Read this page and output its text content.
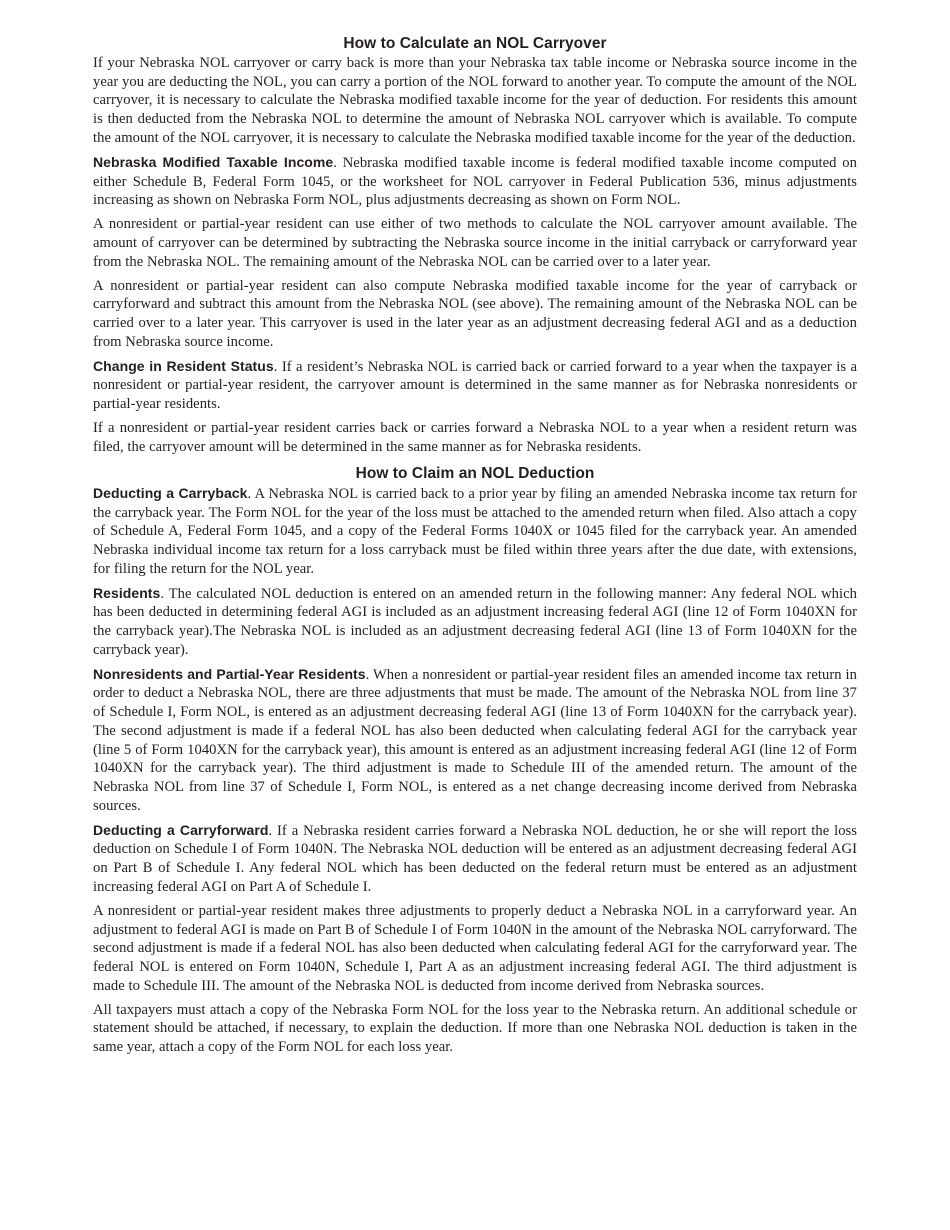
How to Calculate an NOL Carryover

If your Nebraska NOL carryover or carry back is more than your Nebraska tax table income or Nebraska source income in the year you are deducting the NOL, you can carry a portion of the NOL forward to another year. To compute the amount of the NOL carryover, it is necessary to calculate the Nebraska modified taxable income for the year of deduction. For residents this amount is then deducted from the Nebraska NOL to determine the amount of Nebraska NOL carryover which is available. To compute the amount of the NOL carryover, it is necessary to calculate the Nebraska modified taxable income for the year of the deduction.

Nebraska Modified Taxable Income. Nebraska modified taxable income is federal modified taxable income computed on either Schedule B, Federal Form 1045, or the worksheet for NOL carryover in Federal Publication 536, minus adjustments increasing as shown on Nebraska Form NOL, plus adjustments decreasing as shown on Form NOL.

A nonresident or partial-year resident can use either of two methods to calculate the NOL carryover amount available. The amount of carryover can be determined by subtracting the Nebraska source income in the initial carryback or carryforward year from the Nebraska NOL. The remaining amount of the Nebraska NOL can be carried over to a later year.

A nonresident or partial-year resident can also compute Nebraska modified taxable income for the year of carryback or carryforward and subtract this amount from the Nebraska NOL (see above). The remaining amount of the Nebraska NOL can be carried over to a later year. This carryover is used in the later year as an adjustment decreasing federal AGI and as a deduction from Nebraska source income.

Change in Resident Status. If a resident’s Nebraska NOL is carried back or carried forward to a year when the taxpayer is a nonresident or partial-year resident, the carryover amount is determined in the same manner as for Nebraska nonresidents or partial-year residents.

If a nonresident or partial-year resident carries back or carries forward a Nebraska NOL to a year when a resident return was filed, the carryover amount will be determined in the same manner as for Nebraska residents.

How to Claim an NOL Deduction

Deducting a Carryback. A Nebraska NOL is carried back to a prior year by filing an amended Nebraska income tax return for the carryback year. The Form NOL for the year of the loss must be attached to the amended return when filed. Also attach a copy of Schedule A, Federal Form 1045, and a copy of the Federal Forms 1040X or 1045 filed for the carryback year. An amended Nebraska individual income tax return for a loss carryback must be filed within three years after the due date, with extensions, for filing the return for the NOL year.

Residents. The calculated NOL deduction is entered on an amended return in the following manner: Any federal NOL which has been deducted in determining federal AGI is included as an adjustment increasing federal AGI (line 12 of Form 1040XN for the carryback year).The Nebraska NOL is included as an adjustment decreasing federal AGI (line 13 of Form 1040XN for the carryback year).

Nonresidents and Partial-Year Residents. When a nonresident or partial-year resident files an amended income tax return in order to deduct a Nebraska NOL, there are three adjustments that must be made. The amount of the Nebraska NOL from line 37 of Schedule I, Form NOL, is entered as an adjustment decreasing federal AGI (line 13 of Form 1040XN for the carryback year). The second adjustment is made if a federal NOL has also been deducted when calculating federal AGI for the carryback year (line 5 of Form 1040XN for the carryback year), this amount is entered as an adjustment increasing federal AGI (line 12 of Form 1040XN for the carryback year). The third adjustment is made to Schedule III of the amended return. The amount of the Nebraska NOL from line 37 of Schedule I, Form NOL, is entered as a net change decreasing income derived from Nebraska sources.

Deducting a Carryforward. If a Nebraska resident carries forward a Nebraska NOL deduction, he or she will report the loss deduction on Schedule I of Form 1040N. The Nebraska NOL deduction will be entered as an adjustment decreasing federal AGI on Part B of Schedule I. Any federal NOL which has been deducted on the federal return must be entered as an adjustment increasing federal AGI on Part A of Schedule I.

A nonresident or partial-year resident makes three adjustments to properly deduct a Nebraska NOL in a carryforward year. An adjustment to federal AGI is made on Part B of Schedule I of Form 1040N in the amount of the Nebraska NOL carryforward. The second adjustment is made if a federal NOL has also been deducted when calculating federal AGI for the carryforward year. The federal NOL is entered on Form 1040N, Schedule I, Part A as an adjustment increasing federal AGI. The third adjustment is made to Schedule III. The amount of the Nebraska NOL is deducted from income derived from Nebraska sources.

All taxpayers must attach a copy of the Nebraska Form NOL for the loss year to the Nebraska return. An additional schedule or statement should be attached, if necessary, to explain the deduction. If more than one Nebraska NOL deduction is taken in the same year, attach a copy of the Form NOL for each loss year.
